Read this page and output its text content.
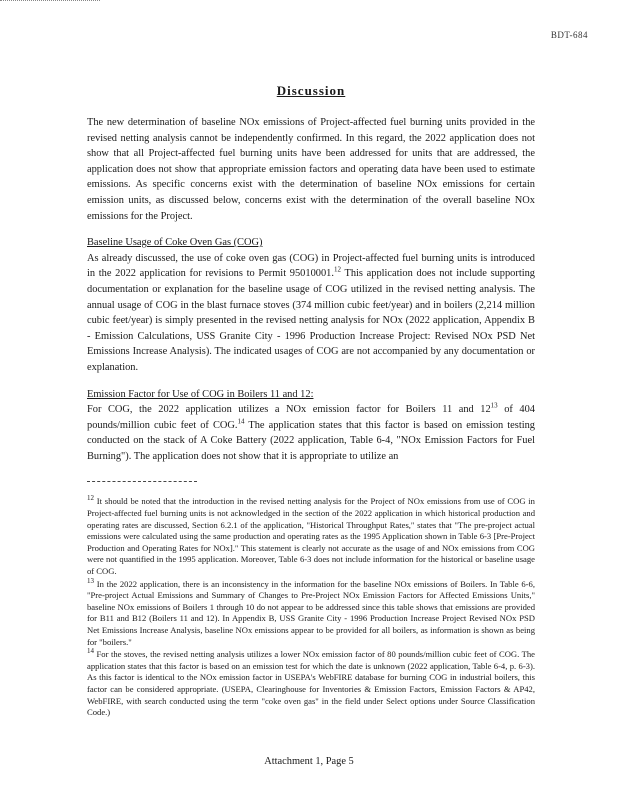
BDT-684
Discussion

The new determination of baseline NOx emissions of Project-affected fuel burning units provided in the revised netting analysis cannot be independently confirmed. In this regard, the 2022 application does not show that all Project-affected fuel burning units have been addressed for units that are addressed, the application does not show that appropriate emission factors and operating data have been used to estimate emissions. As specific concerns exist with the determination of baseline NOx emissions for certain emission units, as discussed below, concerns exist with the determination of the overall baseline NOx emissions for the Project.

Baseline Usage of Coke Oven Gas (COG)

As already discussed, the use of coke oven gas (COG) in Project-affected fuel burning units is introduced in the 2022 application for revisions to Permit 95010001.12 This application does not include supporting documentation or explanation for the baseline usage of COG utilized in the revised netting analysis. The annual usage of COG in the blast furnace stoves (374 million cubic feet/year) and in boilers (2,214 million cubic feet/year) is simply presented in the revised netting analysis for NOx (2022 application, Appendix B - Emission Calculations, USS Granite City - 1996 Production Increase Project: Revised NOx PSD Net Emissions Increase Analysis). The indicated usages of COG are not accompanied by any documentation or explanation.

Emission Factor for Use of COG in Boilers 11 and 12:

For COG, the 2022 application utilizes a NOx emission factor for Boilers 11 and $12^{13}$ of 404 pounds/million cubic feet of COG.$^{14}$ The application states that this factor is based on emission testing conducted on the stack of A Coke Battery (2022 application, Table 6-4, "NOx Emission Factors for Fuel Burning"). The application does not show that it is appropriate to utilize an

$^{12}$ It should be noted that the introduction in the revised netting analysis for the Project of NOx emissions from use of COG in Project-affected fuel burning units is not acknowledged in the section of the 2022 application in which historical production and operating rates are discussed, Section 6.2.1 of the application, "Historical Throughput Rates," states that "The pre-project actual emissions were calculated using the same production and operating rates as the 1995 Application shown in Table 6-3 [Pre-Project Production and Operating Rates for NOx]." This statement is clearly not accurate as the usage of and NOx emissions from COG were not quantified in the 1995 application. Moreover, Table 6-3 does not include information for the historical or baseline usage of COG.

$^{13}$ In the 2022 application, there is an inconsistency in the information for the baseline NOx emissions of Boilers. In Table 6-6, "Pre-project Actual Emissions and Summary of Changes to Pre-Project NOx Emission Factors for Affected Emissions Units," baseline NOx emissions of Boilers 1 through 10 do not appear to be addressed since this table shows that emissions are provided for B11 and B12 (Boilers 11 and 12). In Appendix B, USS Granite City - 1996 Production Increase Project Revised NOx PSD Net Emissions Increase Analysis, baseline NOx emissions appear to be provided for all boilers, as information is shown as being for "boilers."

$^{14}$ For the stoves, the revised netting analysis utilizes a lower NOx emission factor of 80 pounds/million cubic feet of COG. The application states that this factor is based on an emission test for which the date is unknown (2022 application, Table 6-4, p. 6-3). As this factor is identical to the NOx emission factor in USEPA's WebFIRE database for burning COG in industrial boilers, this factor can be considered appropriate. (USEPA, Clearinghouse for Inventories & Emission Factors, Emission Factors & AP42, WebFIRE, with search conducted using the term "coke oven gas" in the field under Select options under Source Classification Code.)

Attachment 1, Page 5
